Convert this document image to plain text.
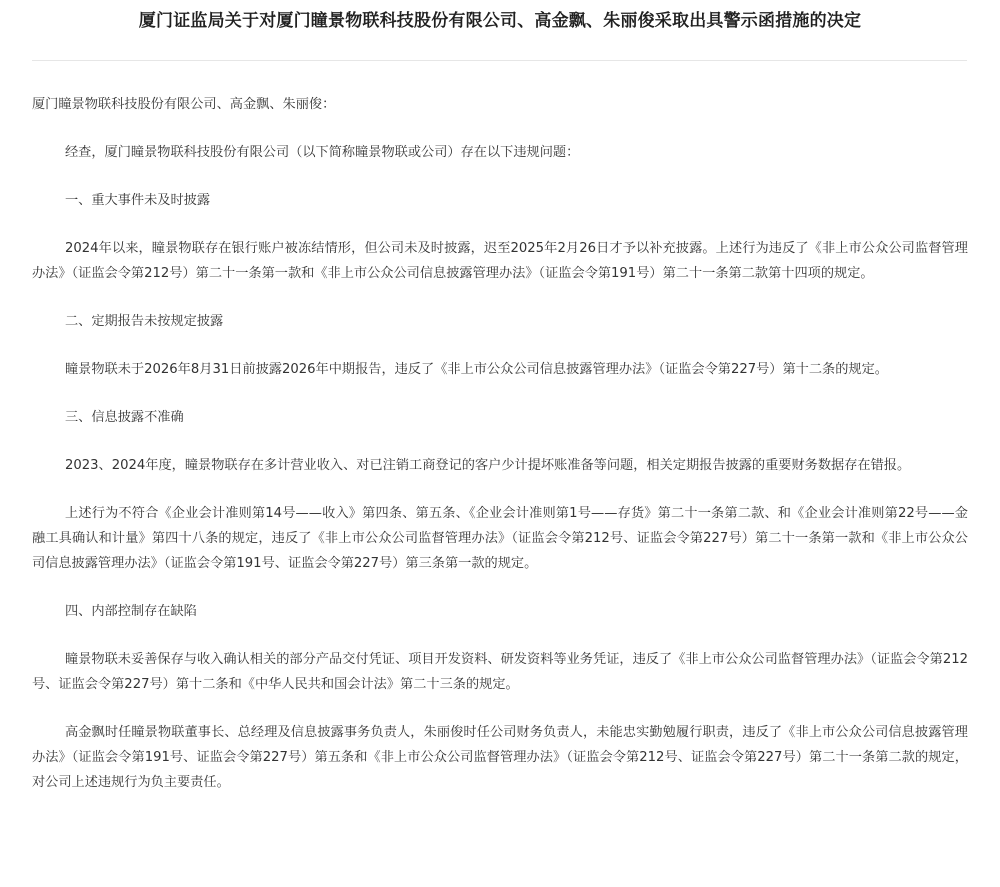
厦门证监局关于对厦门瞳景物联科技股份有限公司、高金飘、朱丽俊采取出具警示函措施的决定

厦门瞳景物联科技股份有限公司、高金飘、朱丽俊：

经查，厦门瞳景物联科技股份有限公司（以下简称瞳景物联或公司）存在以下违规问题：

一、重大事件未及时披露

2024年以来，瞳景物联存在银行账户被冻结情形，但公司未及时披露，迟至2025年2月26日才予以补充披露。上述行为违反了《非上市公众公司监督管理办法》（证监会令第212号）第二十一条第一款和《非上市公众公司信息披露管理办法》（证监会令第191号）第二十一条第二款第十四项的规定。

二、定期报告未按规定披露

瞳景物联未于2026年8月31日前披露2026年中期报告，违反了《非上市公众公司信息披露管理办法》（证监会令第227号）第十二条的规定。

三、信息披露不准确

2023、2024年度，瞳景物联存在多计营业收入、对已注销工商登记的客户少计提坏账准备等问题，相关定期报告披露的重要财务数据存在错报。

上述行为不符合《企业会计准则第14号——收入》第四条、第五条、《企业会计准则第1号——存货》第二十一条第二款、和《企业会计准则第22号——金融工具确认和计量》第四十八条的规定，违反了《非上市公众公司监督管理办法》（证监会令第212号、证监会令第227号）第二十一条第一款和《非上市公众公司信息披露管理办法》（证监会令第191号、证监会令第227号）第三条第一款的规定。

四、内部控制存在缺陷

瞳景物联未妥善保存与收入确认相关的部分产品交付凭证、项目开发资料、研发资料等业务凭证，违反了《非上市公众公司监督管理办法》（证监会令第212号、证监会令第227号）第十二条和《中华人民共和国会计法》第二十三条的规定。

高金飘时任瞳景物联董事长、总经理及信息披露事务负责人，朱丽俊时任公司财务负责人，未能忠实勤勉履行职责，违反了《非上市公众公司信息披露管理办法》（证监会令第191号、证监会令第227号）第五条和《非上市公众公司监督管理办法》（证监会令第212号、证监会令第227号）第二十一条第二款的规定，对公司上述违规行为负主要责任。
